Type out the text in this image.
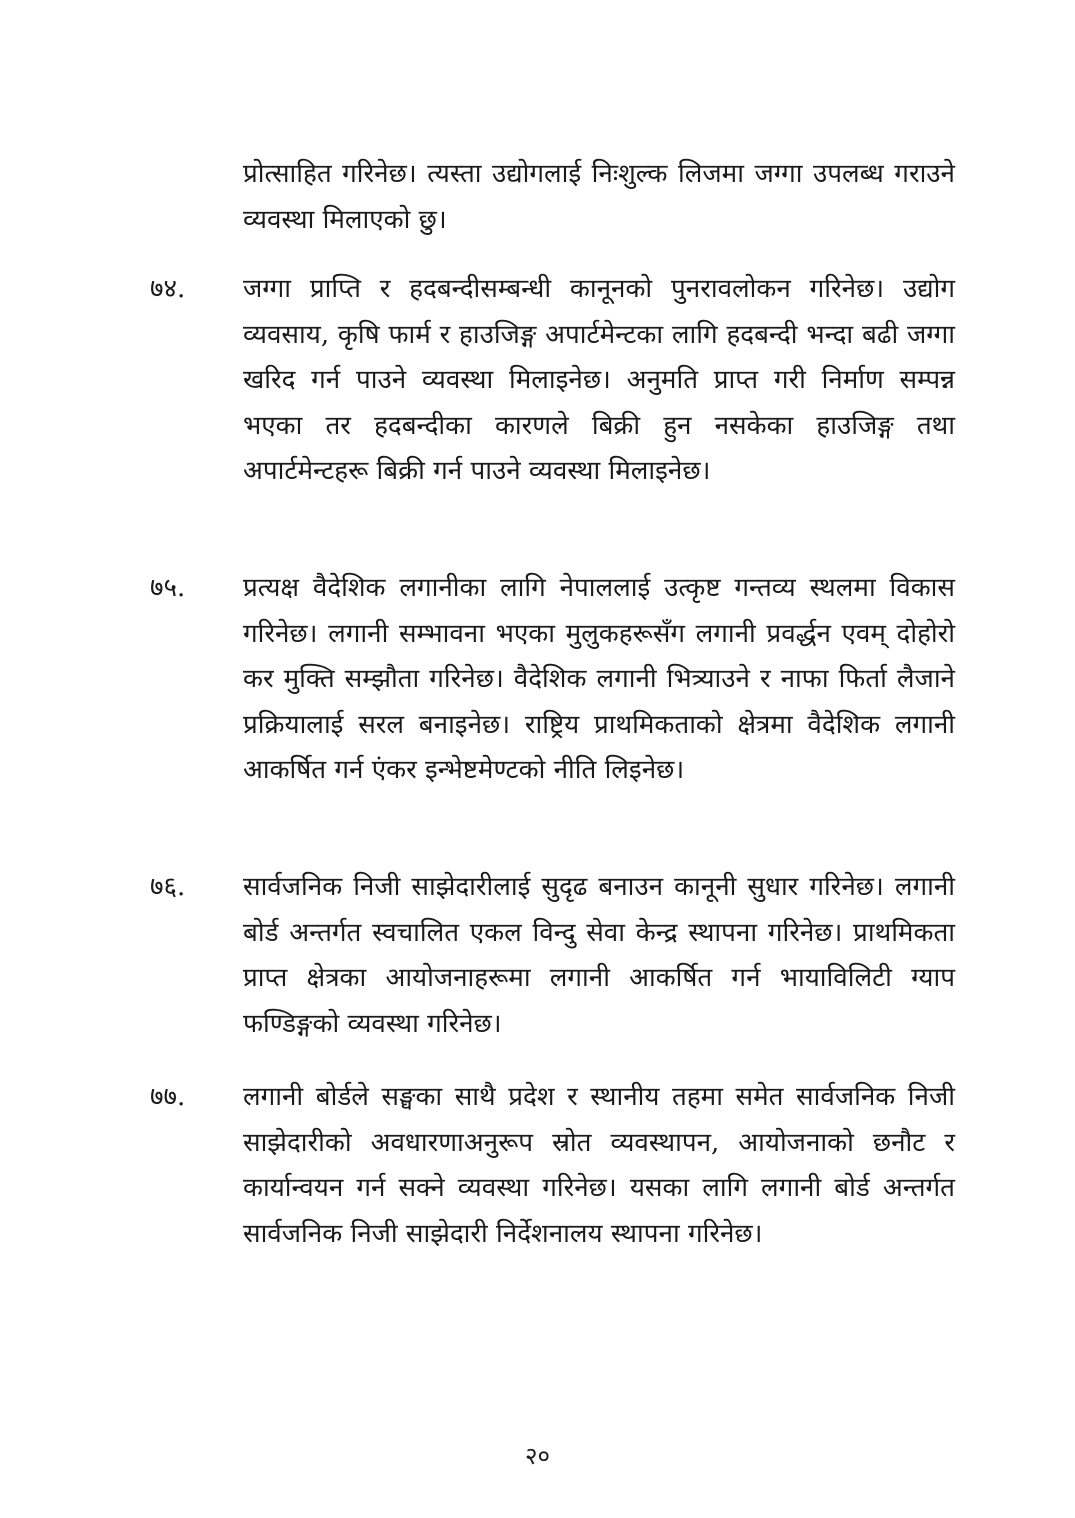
प्रोत्साहित गरिनेछ। त्यस्ता उद्योगलाई निःशुल्क लिजमा जग्गा उपलब्ध गराउने व्यवस्था मिलाएको छु।

७४. जग्गा प्राप्ति र हदबन्दीसम्बन्धी कानूनको पुनरावलोकन गरिनेछ। उद्योग व्यवसाय, कृषि फार्म र हाउजिङ्ग अपार्टमेन्टका लागि हदबन्दी भन्दा बढी जग्गा खरिद गर्न पाउने व्यवस्था मिलाइनेछ। अनुमति प्राप्त गरी निर्माण सम्पन्न भएका तर हदबन्दीका कारणले बिक्री हुन नसकेका हाउजिङ्ग तथा अपार्टमेन्टहरू बिक्री गर्न पाउने व्यवस्था मिलाइनेछ।

७५. प्रत्यक्ष वैदेशिक लगानीका लागि नेपाललाई उत्कृष्ट गन्तव्य स्थलमा विकास गरिनेछ। लगानी सम्भावना भएका मुलुकहरूसँग लगानी प्रवर्द्धन एवम् दोहोरो कर मुक्ति सम्झौता गरिनेछ। वैदेशिक लगानी भित्र्याउने र नाफा फिर्ता लैजाने प्रक्रियालाई सरल बनाइनेछ। राष्ट्रिय प्राथमिकताको क्षेत्रमा वैदेशिक लगानी आकर्षित गर्न एंकर इन्भेष्टमेण्टको नीति लिइनेछ।

७६. सार्वजनिक निजी साझेदारीलाई सुदृढ बनाउन कानूनी सुधार गरिनेछ। लगानी बोर्ड अन्तर्गत स्वचालित एकल विन्दु सेवा केन्द्र स्थापना गरिनेछ। प्राथमिकता प्राप्त क्षेत्रका आयोजनाहरूमा लगानी आकर्षित गर्न भायाविलिटी ग्याप फण्डिङ्गको व्यवस्था गरिनेछ।

७७. लगानी बोर्डले सङ्घका साथै प्रदेश र स्थानीय तहमा समेत सार्वजनिक निजी साझेदारीको अवधारणाअनुरूप स्रोत व्यवस्थापन, आयोजनाको छनौट र कार्यान्वयन गर्न सक्ने व्यवस्था गरिनेछ। यसका लागि लगानी बोर्ड अन्तर्गत सार्वजनिक निजी साझेदारी निर्देशनालय स्थापना गरिनेछ।

२०
